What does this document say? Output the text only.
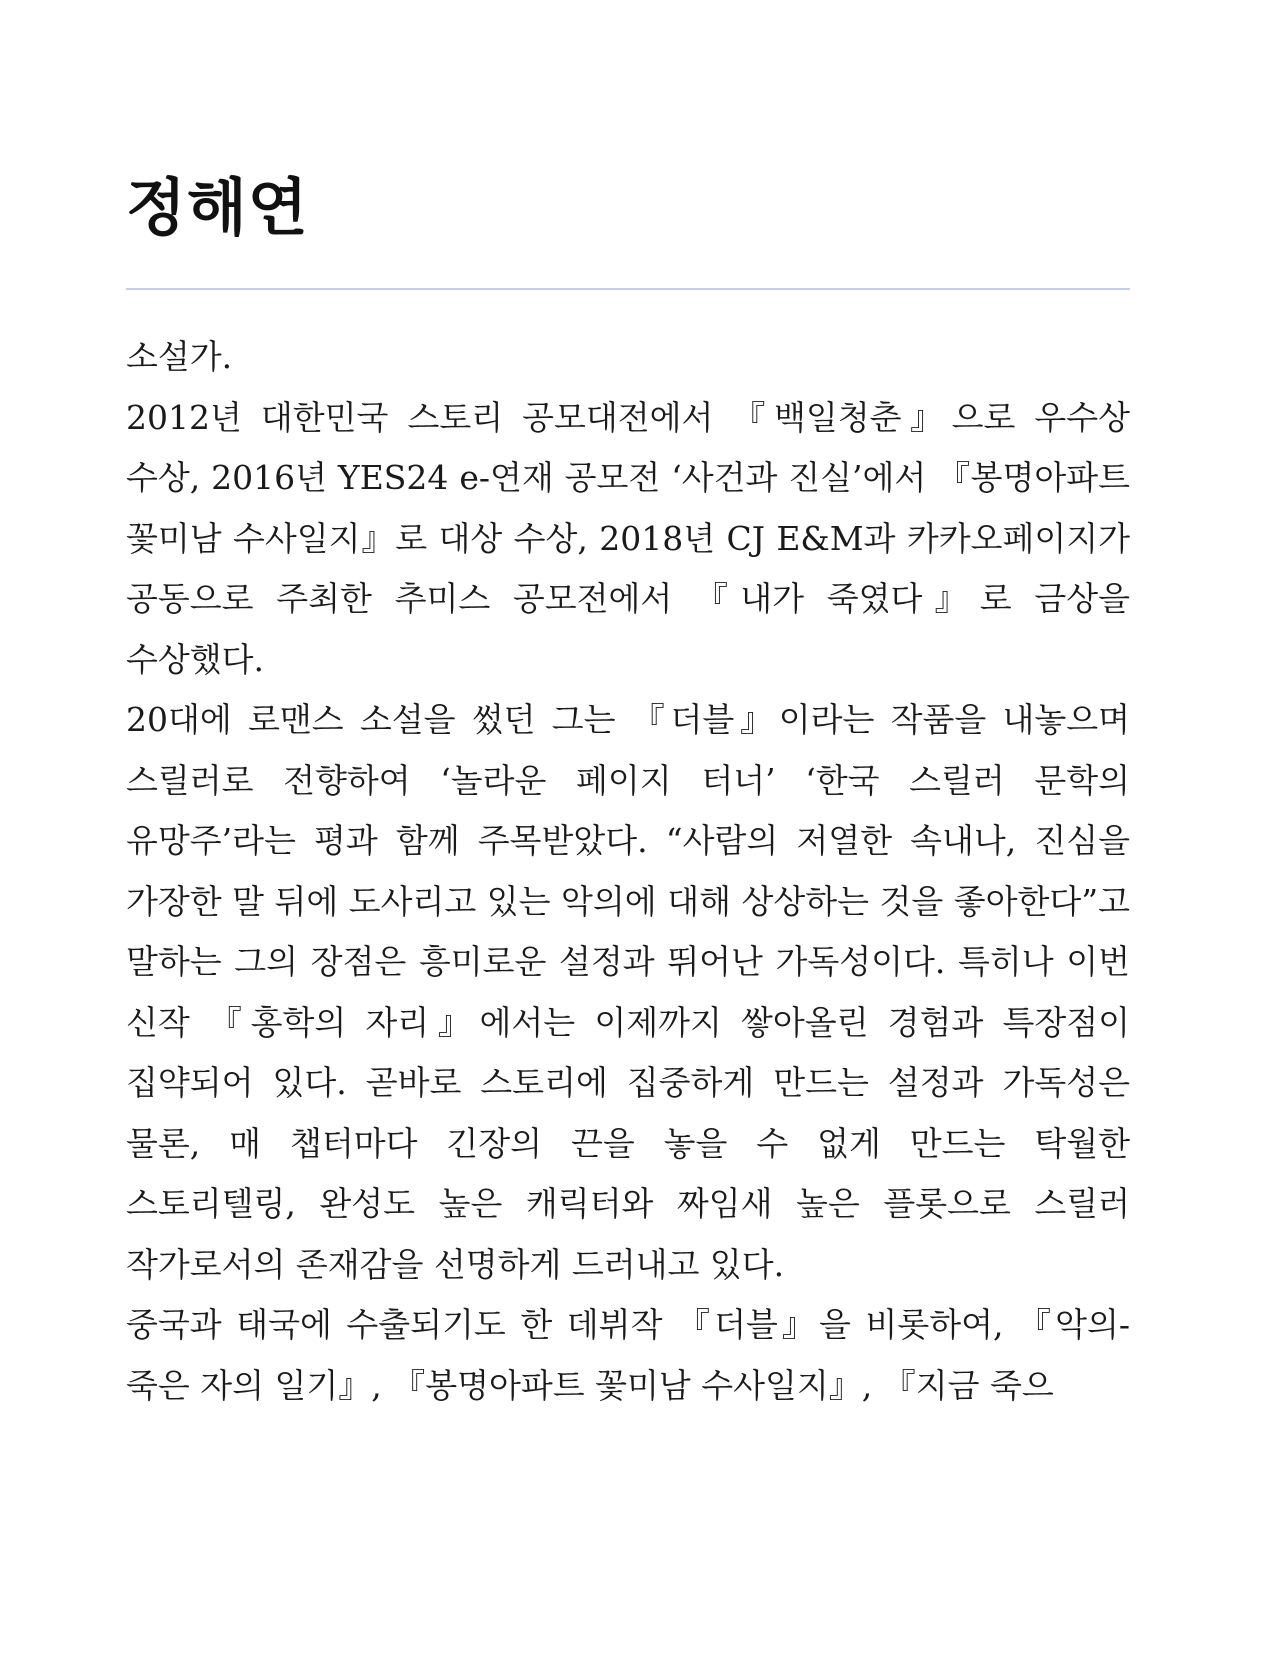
정해연

소설가.

2012년 대한민국 스토리 공모대전에서 『백일청춘』으로 우수상 수상, 2016년 YES24 e-연재 공모전 ‘사건과 진실’에서 『봉명아파트 꽃미남 수사일지』로 대상 수상, 2018년 CJ E&M과 카카오페이지가 공동으로 주최한 추미스 공모전에서 『내가 죽였다』로 금상을 수상했다.

20대에 로맨스 소설을 썼던 그는 『더블』이라는 작품을 내놓으며 스릴러로 전향하여 ‘놀라운 페이지 터너’ ‘한국 스릴러 문학의 유망주’라는 평과 함께 주목받았다. “사람의 저열한 속내나, 진심을 가장한 말 뒤에 도사리고 있는 악의에 대해 상상하는 것을 좋아한다”고 말하는 그의 장점은 흥미로운 설정과 뛰어난 가독성이다. 특히나 이번 신작 『홍학의 자리』에서는 이제까지 쌓아올린 경험과 특장점이 집약되어 있다. 곧바로 스토리에 집중하게 만드는 설정과 가독성은 물론, 매 챕터마다 긴장의 끈을 놓을 수 없게 만드는 탁월한 스토리텔링, 완성도 높은 캐릭터와 짜임새 높은 플롯으로 스릴러 작가로서의 존재감을 선명하게 드러내고 있다.

중국과 태국에 수출되기도 한 데뷔작 『더블』을 비롯하여, 『악의-죽은 자의 일기』, 『봉명아파트 꽃미남 수사일지』, 『지금 죽으
